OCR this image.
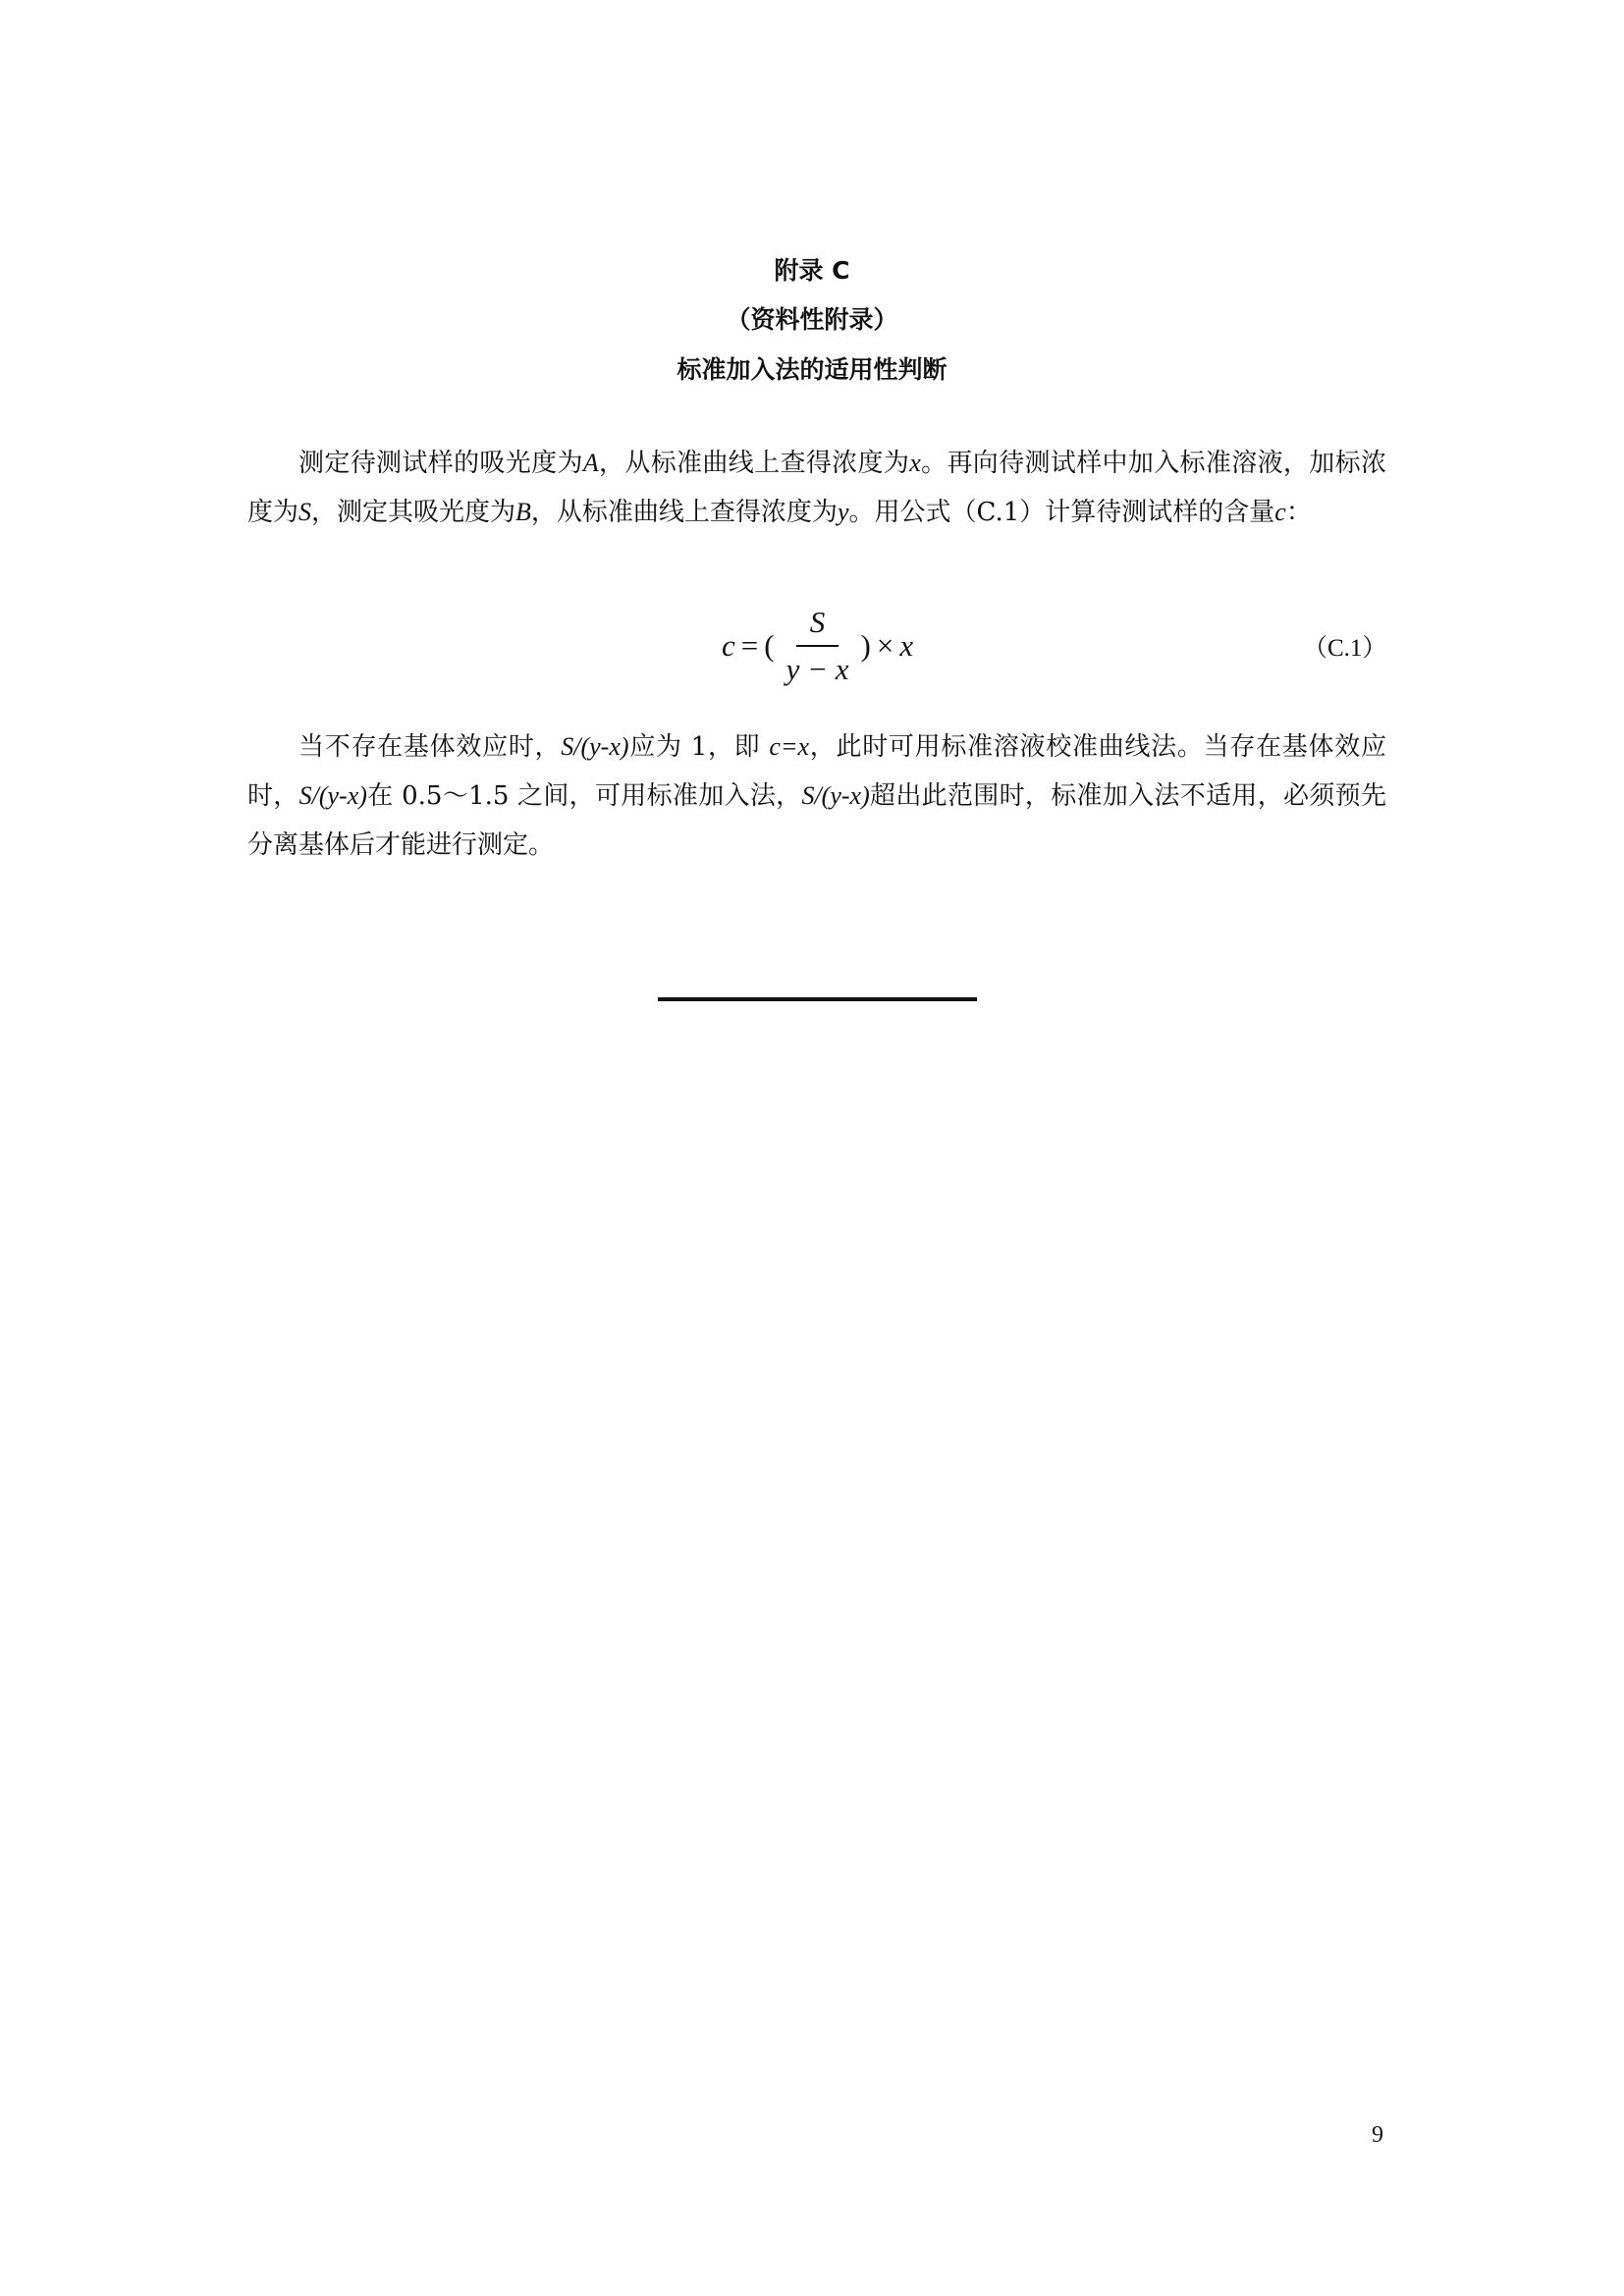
附录 C
（资料性附录）
标准加入法的适用性判断

测定待测试样的吸光度为A，从标准曲线上查得浓度为x。再向待测试样中加入标准溶液，加标浓度为S，测定其吸光度为B，从标准曲线上查得浓度为y。用公式（C.1）计算待测试样的含量c：

c = ( $\frac{S}{y - x}$ ) × x	（C.1）

当不存在基体效应时，S/(y-x)应为 1，即 c=x，此时可用标准溶液校准曲线法。当存在基体效应时，S/(y-x)在 0.5～1.5 之间，可用标准加入法，S/(y-x)超出此范围时，标准加入法不适用，必须预先分离基体后才能进行测定。

9
